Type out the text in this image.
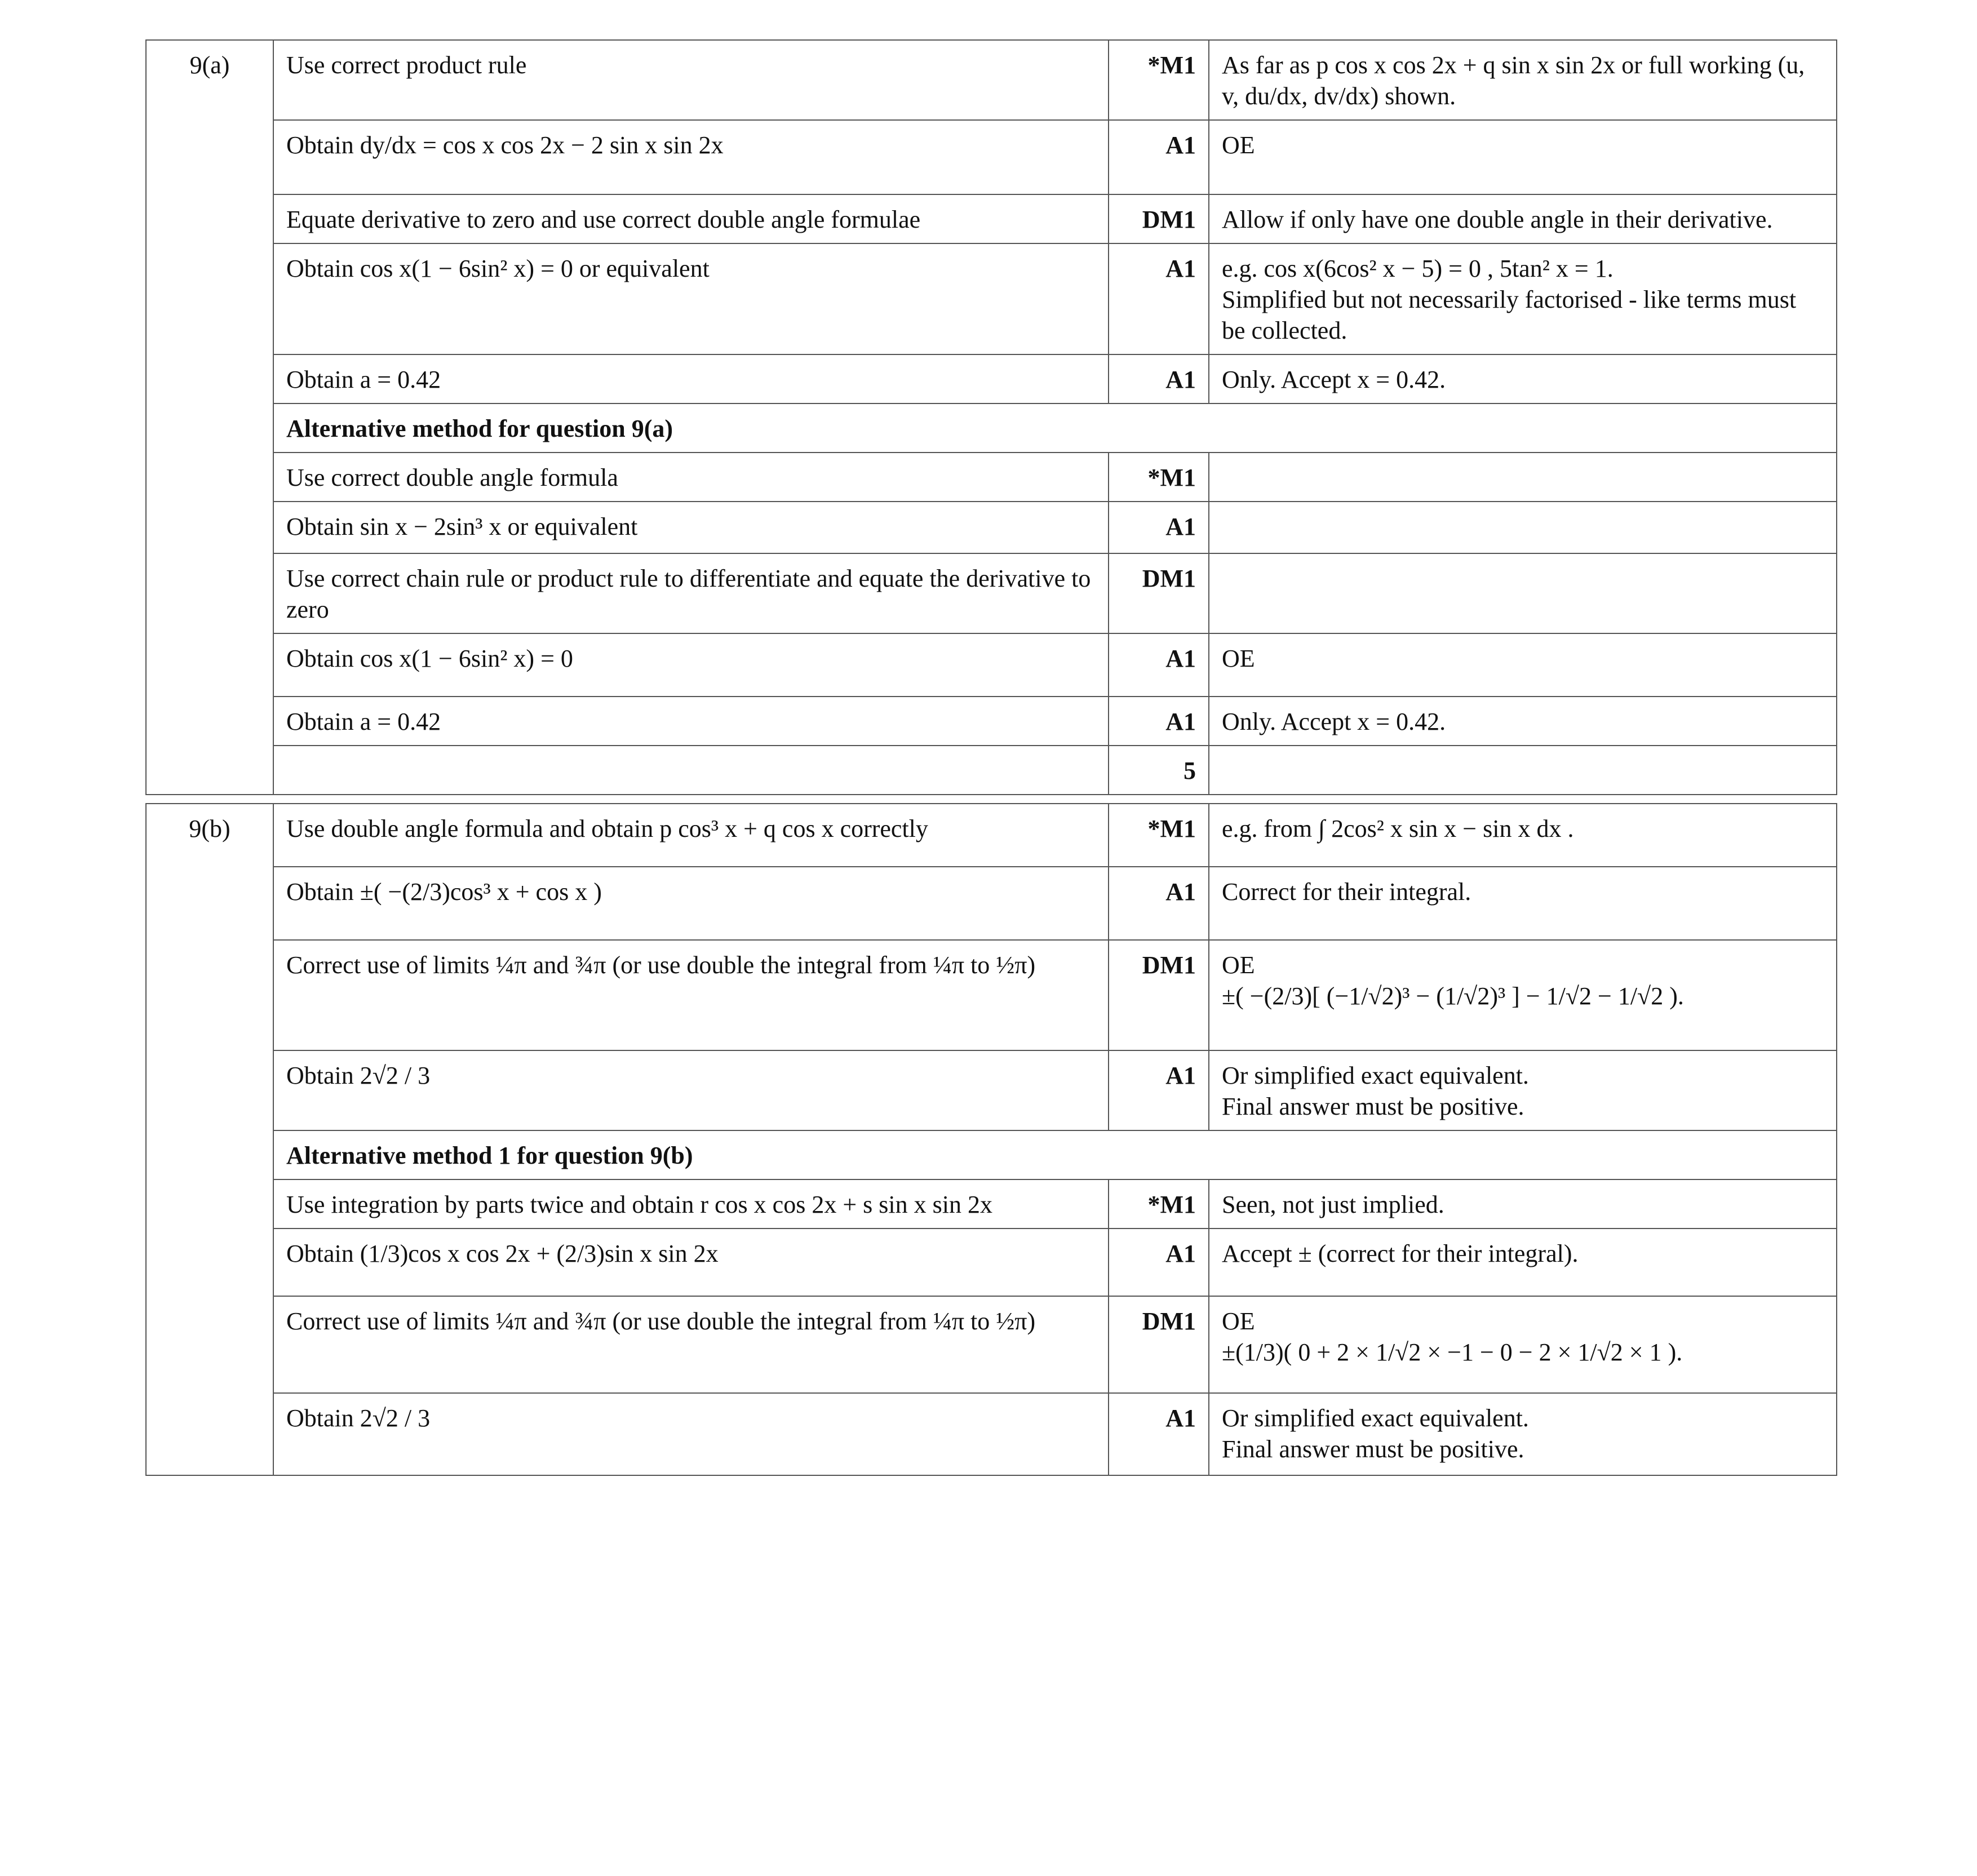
9(a)	Use correct product rule	*M1	As far as p cos x cos 2x + q sin x sin 2x or full working (u, v, du/dx, dv/dx) shown.

	Obtain dy/dx = cos x cos 2x − 2 sin x sin 2x	A1	OE

	Equate derivative to zero and use correct double angle formulae	DM1	Allow if only have one double angle in their derivative.

	Obtain cos x(1 − 6sin² x) = 0 or equivalent	A1	e.g. cos x(6cos² x − 5) = 0 , 5tan² x = 1.
Simplified but not necessarily factorised - like terms must be collected.

	Obtain a = 0.42	A1	Only. Accept x = 0.42.

	Alternative method for question 9(a)		
	Use correct double angle formula	*M1	

	Obtain sin x − 2sin³ x or equivalent	A1	

	Use correct chain rule or product rule to differentiate and equate the derivative to zero	DM1	

	Obtain cos x(1 − 6sin² x) = 0	A1	OE

	Obtain a = 0.42	A1	Only. Accept x = 0.42.

		5	

9(b)	Use double angle formula and obtain p cos³ x + q cos x correctly	*M1	e.g. from ∫ 2cos² x sin x − sin x dx .

	Obtain ±( −(2/3)cos³ x + cos x )	A1	Correct for their integral.

	Correct use of limits ¼π and ¾π (or use double the integral from ¼π to ½π)	DM1	OE
±( −(2/3)[ (−1/√2)³ − (1/√2)³ ] − 1/√2 − 1/√2 ).

	Obtain 2√2 / 3	A1	Or simplified exact equivalent.
Final answer must be positive.

	Alternative method 1 for question 9(b)		
	Use integration by parts twice and obtain r cos x cos 2x + s sin x sin 2x	*M1	Seen, not just implied.

	Obtain (1/3)cos x cos 2x + (2/3)sin x sin 2x	A1	Accept ± (correct for their integral).

	Correct use of limits ¼π and ¾π (or use double the integral from ¼π to ½π)	DM1	OE
±(1/3)( 0 + 2 × 1/√2 × −1 − 0 − 2 × 1/√2 × 1 ).

	Obtain 2√2 / 3	A1	Or simplified exact equivalent.
Final answer must be positive.
